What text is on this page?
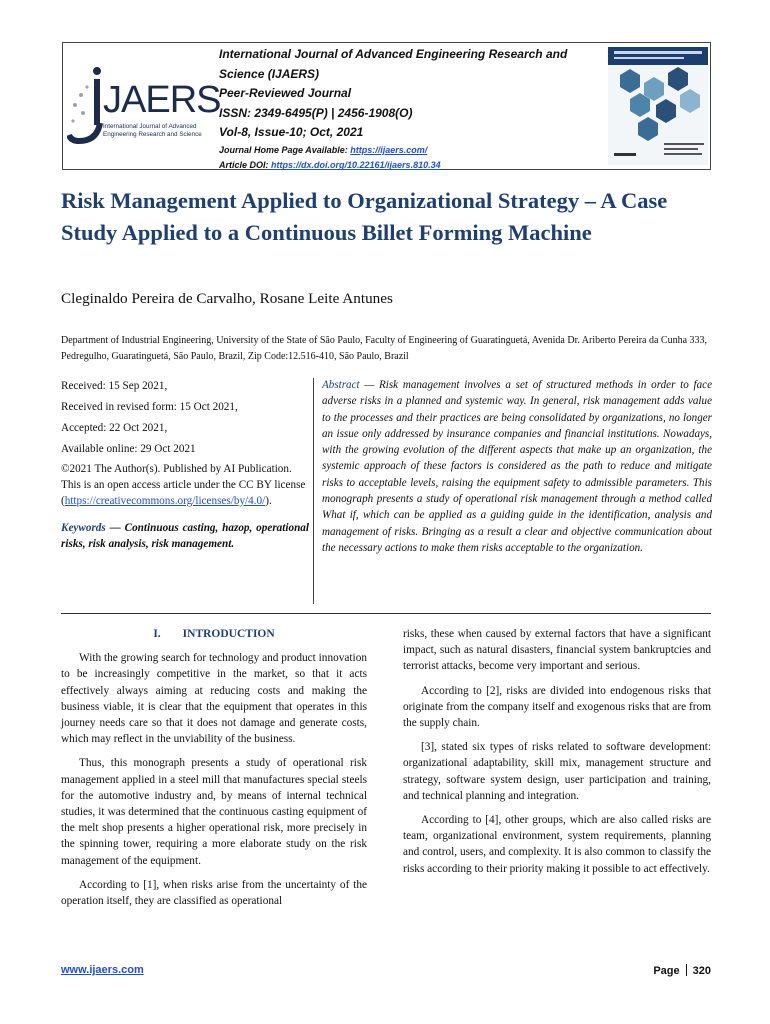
JAERS
International Journal of Advanced Engineering Research and Science
International Journal of Advanced Engineering Research and
Science (IJAERS)
Peer-Reviewed Journal
ISSN: 2349-6495(P) | 2456-1908(O)
Vol-8, Issue-10; Oct, 2021
Journal Home Page Available: https://ijaers.com/
Article DOI: https://dx.doi.org/10.22161/ijaers.810.34
Risk Management Applied to Organizational Strategy – A Case Study Applied to a Continuous Billet Forming Machine
Cleginaldo Pereira de Carvalho, Rosane Leite Antunes
Department of Industrial Engineering, University of the State of São Paulo, Faculty of Engineering of Guaratinguetá, Avenida Dr. Ariberto Pereira da Cunha 333, Pedregulho, Guaratinguetá, São Paulo, Brazil, Zip Code:12.516-410, São Paulo, Brazil
Received: 15 Sep 2021,
Received in revised form: 15 Oct 2021,
Accepted: 22 Oct 2021,
Available online: 29 Oct 2021
©2021 The Author(s). Published by AI Publication. This is an open access article under the CC BY license (https://creativecommons.org/licenses/by/4.0/).
Keywords — Continuous casting, hazop, operational risks, risk analysis, risk management.
Abstract — Risk management involves a set of structured methods in order to face adverse risks in a planned and systemic way. In general, risk management adds value to the processes and their practices are being consolidated by organizations, no longer an issue only addressed by insurance companies and financial institutions. Nowadays, with the growing evolution of the different aspects that make up an organization, the systemic approach of these factors is considered as the path to reduce and mitigate risks to acceptable levels, raising the equipment safety to admissible parameters. This monograph presents a study of operational risk management through a method called What if, which can be applied as a guiding guide in the identification, analysis and management of risks. Bringing as a result a clear and objective communication about the necessary actions to make them risks acceptable to the organization.
I. INTRODUCTION

With the growing search for technology and product innovation to be increasingly competitive in the market, so that it acts effectively always aiming at reducing costs and making the business viable, it is clear that the equipment that operates in this journey needs care so that it does not damage and generate costs, which may reflect in the unviability of the business.

Thus, this monograph presents a study of operational risk management applied in a steel mill that manufactures special steels for the automotive industry and, by means of internal technical studies, it was determined that the continuous casting equipment of the melt shop presents a higher operational risk, more precisely in the spinning tower, requiring a more elaborate study on the risk management of the equipment.

According to [1], when risks arise from the uncertainty of the operation itself, they are classified as operational

risks, these when caused by external factors that have a significant impact, such as natural disasters, financial system bankruptcies and terrorist attacks, become very important and serious.

According to [2], risks are divided into endogenous risks that originate from the company itself and exogenous risks that are from the supply chain.

[3], stated six types of risks related to software development: organizational adaptability, skill mix, management structure and strategy, software system design, user participation and training, and technical planning and integration.

According to [4], other groups, which are also called risks are team, organizational environment, system requirements, planning and control, users, and complexity. It is also common to classify the risks according to their priority making it possible to act effectively.

www.ijaers.com	Page 320
